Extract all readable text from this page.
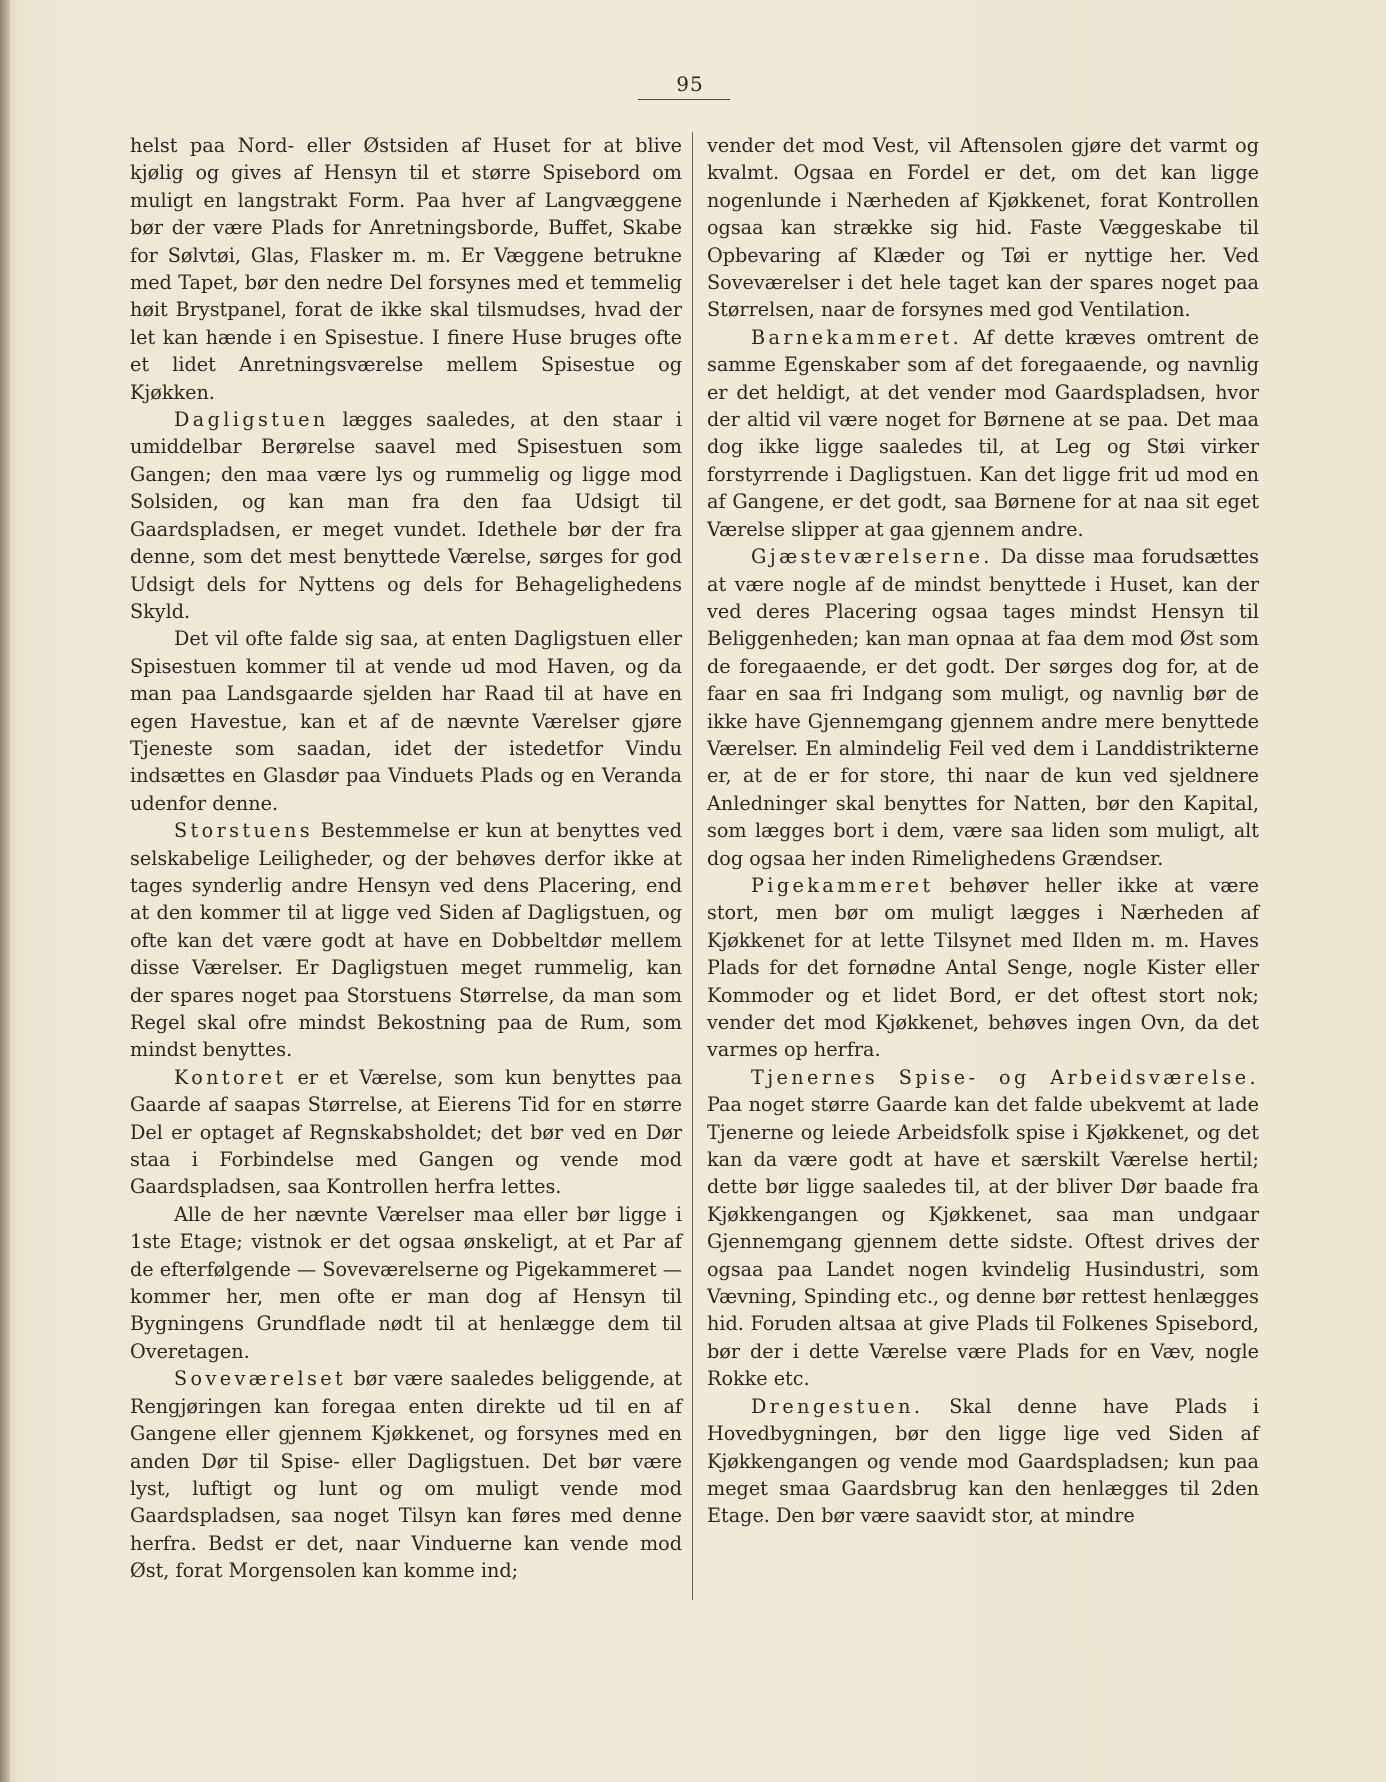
95

helst paa Nord- eller Østsiden af Huset for at blive kjølig og gives af Hensyn til et større Spisebord om muligt en langstrakt Form. Paa hver af Langvæggene bør der være Plads for Anretningsborde, Buffet, Skabe for Sølvtøi, Glas, Flasker m. m. Er Væggene betrukne med Tapet, bør den nedre Del forsynes med et temmelig høit Brystpanel, forat de ikke skal tilsmudses, hvad der let kan hænde i en Spisestue. I finere Huse bruges ofte et lidet Anretningsværelse mellem Spisestue og Kjøkken.

Dagligstuen lægges saaledes, at den staar i umiddelbar Berørelse saavel med Spisestuen som Gangen; den maa være lys og rummelig og ligge mod Solsiden, og kan man fra den faa Udsigt til Gaardspladsen, er meget vundet. Idethele bør der fra denne, som det mest benyttede Værelse, sørges for god Udsigt dels for Nyttens og dels for Behagelighedens Skyld.

Det vil ofte falde sig saa, at enten Dagligstuen eller Spisestuen kommer til at vende ud mod Haven, og da man paa Landsgaarde sjelden har Raad til at have en egen Havestue, kan et af de nævnte Værelser gjøre Tjeneste som saadan, idet der istedetfor Vindu indsættes en Glasdør paa Vinduets Plads og en Veranda udenfor denne.

Storstuens Bestemmelse er kun at benyttes ved selskabelige Leiligheder, og der behøves derfor ikke at tages synderlig andre Hensyn ved dens Placering, end at den kommer til at ligge ved Siden af Dagligstuen, og ofte kan det være godt at have en Dobbeltdør mellem disse Værelser. Er Dagligstuen meget rummelig, kan der spares noget paa Storstuens Størrelse, da man som Regel skal ofre mindst Bekostning paa de Rum, som mindst benyttes.

Kontoret er et Værelse, som kun benyttes paa Gaarde af saapas Størrelse, at Eierens Tid for en større Del er optaget af Regnskabsholdet; det bør ved en Dør staa i Forbindelse med Gangen og vende mod Gaardspladsen, saa Kontrollen herfra lettes.

Alle de her nævnte Værelser maa eller bør ligge i 1ste Etage; vistnok er det ogsaa ønskeligt, at et Par af de efterfølgende — Soveværelserne og Pigekammeret — kommer her, men ofte er man dog af Hensyn til Bygningens Grundflade nødt til at henlægge dem til Overetagen.

Soveværelset bør være saaledes beliggende, at Rengjøringen kan foregaa enten direkte ud til en af Gangene eller gjennem Kjøkkenet, og forsynes med en anden Dør til Spise- eller Dagligstuen. Det bør være lyst, luftigt og lunt og om muligt vende mod Gaardspladsen, saa noget Tilsyn kan føres med denne herfra. Bedst er det, naar Vinduerne kan vende mod Øst, forat Morgensolen kan komme ind;

vender det mod Vest, vil Aftensolen gjøre det varmt og kvalmt. Ogsaa en Fordel er det, om det kan ligge nogenlunde i Nærheden af Kjøkkenet, forat Kontrollen ogsaa kan strække sig hid. Faste Væggeskabe til Opbevaring af Klæder og Tøi er nyttige her. Ved Soveværelser i det hele taget kan der spares noget paa Størrelsen, naar de forsynes med god Ventilation.

Barnekammeret. Af dette kræves omtrent de samme Egenskaber som af det foregaaende, og navnlig er det heldigt, at det vender mod Gaardspladsen, hvor der altid vil være noget for Børnene at se paa. Det maa dog ikke ligge saaledes til, at Leg og Støi virker forstyrrende i Dagligstuen. Kan det ligge frit ud mod en af Gangene, er det godt, saa Børnene for at naa sit eget Værelse slipper at gaa gjennem andre.

Gjæsteværelserne. Da disse maa forudsættes at være nogle af de mindst benyttede i Huset, kan der ved deres Placering ogsaa tages mindst Hensyn til Beliggenheden; kan man opnaa at faa dem mod Øst som de foregaaende, er det godt. Der sørges dog for, at de faar en saa fri Indgang som muligt, og navnlig bør de ikke have Gjennemgang gjennem andre mere benyttede Værelser. En almindelig Feil ved dem i Landdistrikterne er, at de er for store, thi naar de kun ved sjeldnere Anledninger skal benyttes for Natten, bør den Kapital, som lægges bort i dem, være saa liden som muligt, alt dog ogsaa her inden Rimelighedens Grændser.

Pigekammeret behøver heller ikke at være stort, men bør om muligt lægges i Nærheden af Kjøkkenet for at lette Tilsynet med Ilden m. m. Haves Plads for det fornødne Antal Senge, nogle Kister eller Kommoder og et lidet Bord, er det oftest stort nok; vender det mod Kjøkkenet, behøves ingen Ovn, da det varmes op herfra.

Tjenernes Spise- og Arbeidsværelse. Paa noget større Gaarde kan det falde ubekvemt at lade Tjenerne og leiede Arbeidsfolk spise i Kjøkkenet, og det kan da være godt at have et særskilt Værelse hertil; dette bør ligge saaledes til, at der bliver Dør baade fra Kjøkkengangen og Kjøkkenet, saa man undgaar Gjennemgang gjennem dette sidste. Oftest drives der ogsaa paa Landet nogen kvindelig Husindustri, som Vævning, Spinding etc., og denne bør rettest henlægges hid. Foruden altsaa at give Plads til Folkenes Spisebord, bør der i dette Værelse være Plads for en Væv, nogle Rokke etc.

Drengestuen. Skal denne have Plads i Hovedbygningen, bør den ligge lige ved Siden af Kjøkkengangen og vende mod Gaardspladsen; kun paa meget smaa Gaardsbrug kan den henlægges til 2den Etage. Den bør være saavidt stor, at mindre
